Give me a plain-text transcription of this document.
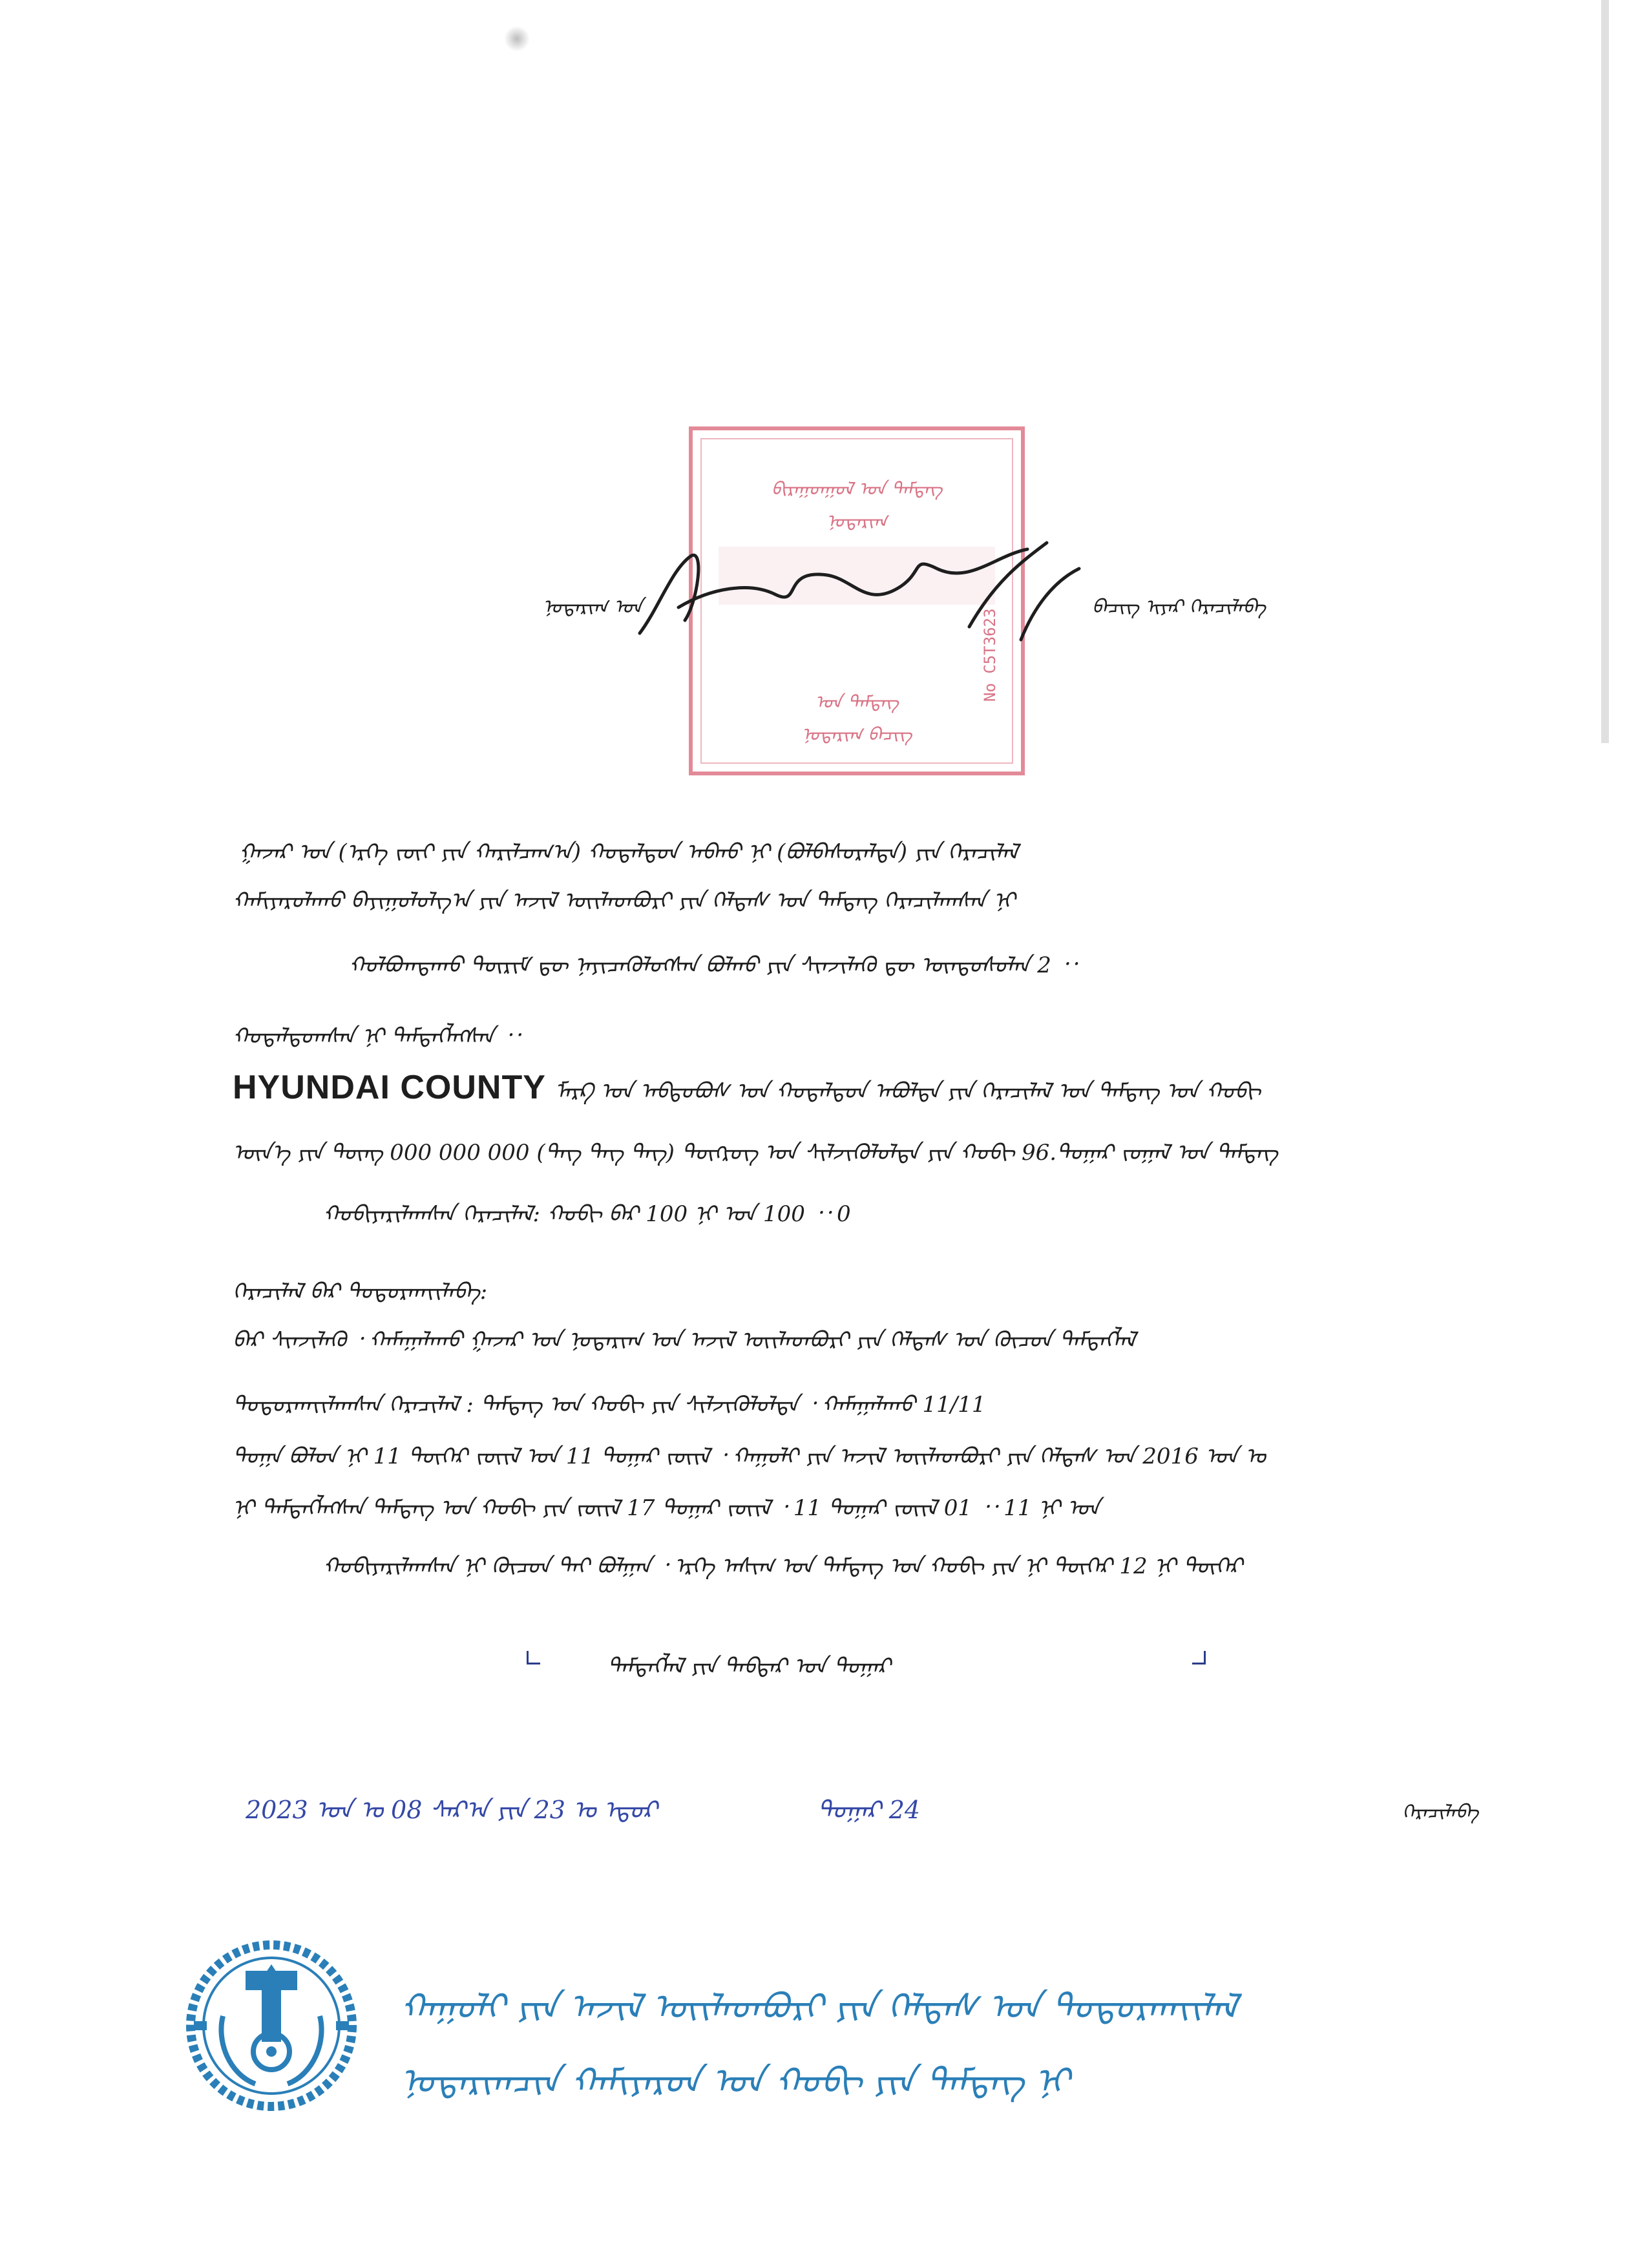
ᠪᠢᠷᠠᠭᠤᠨᠭᠤᠯ ᠤᠨ ᠲᠡᠮᠳᠡᠭ
ᠨᠣᠲᠠᠷᠢᠬ
ᠤᠨ ᠲᠡᠮᠳᠡᠭ
ᠨᠣᠲᠠᠷᠢᠬ ᠪᠡᠴᠢᠭ
No C5T3623
ᠨᠣᠲᠠᠷᠢᠬ ᠤᠨ	ᠪᠡᠴᠢᠭ ᠢᠶᠡᠷ ᠭᠡᠷᠡᠴᠢᠯᠡᠪᠡ
ᠭᠠᠵᠠᠷ ᠤᠨ (ᠡᠷᠬᠡ ᠵᠦᠢ ᠶᠢᠨ ᠬᠠᠷᠢᠯᠴᠠᠭ᠎ᠠ) ᠬᠤᠳᠠᠯᠳᠤᠨ ᠠᠪᠬᠤ ᠨᠢ (ᠪᠣᠯᠪᠠᠰᠤᠷᠠᠯᠲᠠ) ᠶᠢᠨ ᠭᠡᠷᠡᠴᠢᠯᠡᠯ
ᠬᠠᠮᠢᠶᠠᠷᠤᠯᠠᠬᠤ ᠪᠠᠶᠢᠭᠤᠯᠤᠯᠭ᠎ᠠ ᠶᠢᠨ ᠠᠵᠢᠯ ᠦᠢᠯᠡᠳᠪᠦᠷᠢ ᠶᠢᠨ ᠬᠡᠯᠲᠡᠰ ᠤᠨ ᠲᠡᠮᠳᠡᠭ ᠭᠡᠷᠡᠴᠢᠯᠡᠭ᠍ᠰᠡᠨ ᠨᠢ
ᠬᠤᠯᠪᠤᠭᠳᠠᠬᠤ ᠳᠦᠷᠢᠮ ᠳᠦ ᠨᠡᠶᠢᠴᠡᠭᠦᠯᠦᠭᠰᠡᠨ ᠪᠣᠯᠬᠤ ᠶᠢᠨ ᠰᠢᠨᠵᠢᠯᠡᠬᠦ ᠳᠦ ᠦᠨᠳᠦᠰᠦᠯᠡᠨ 2 ᠂᠂
ᠬᠤᠳᠠᠯᠳᠤᠭᠰᠠᠨ ᠨᠢ ᠲᠡᠮᠳᠡᠭᠯᠡᠭᠰᠡᠨ ᠂᠂
HYUNDAI COUNTY ᠮᠠᠷᠺ ᠤᠨ ᠠᠪᠲᠣᠪᠦᠰ ᠤᠨ ᠬᠤᠳᠠᠯᠳᠤᠨ ᠠᠪᠤᠯᠲᠠ ᠶᠢᠨ ᠭᠡᠷᠡᠴᠢᠯᠡᠯ ᠤᠨ ᠲᠡᠮᠳᠡᠭ ᠤᠨ ᠬᠤᠪᠢ
ᠦᠨ᠎ᠡ ᠶᠢᠨ ᠳᠦᠩ 000 000 000 (ᠲᠡᠭ ᠲᠡᠭ ᠲᠡᠭ) ᠲᠦᠭᠷᠦᠭ ᠤᠨ ᠰᠢᠯᠵᠢᠭᠦᠯᠦᠯᠲᠡ ᠶᠢᠨ ᠬᠤᠪᠢ 96.ᠳᠤᠭᠠᠷ ᠵᠤᠭᠠᠯ ᠤᠨ ᠲᠡᠮᠳᠡᠭ
ᠬᠤᠪᠢᠶᠠᠷᠢᠯᠠᠭᠰᠠᠨ ᠭᠡᠷᠡᠴᠢᠯᠡᠯ: ᠬᠤᠪᠢ ᠪᠠᠷ 100 ᠨᠢ ᠤᠨ 100 ᠂᠂ 0
ᠭᠡᠷᠡᠴᠢᠯᠡᠯ ᠪᠠᠷ ᠲᠣᠳᠤᠷᠬᠠᠶ᠋ᠢᠯᠠᠪᠠ:
ᠪᠠᠷ ᠰᠢᠨᠵᠢᠯᠡᠬᠦ ᠂ ᠬᠠᠮᠠᠭᠠᠯᠠᠬᠤ ᠭᠠᠵᠠᠷ ᠤᠨ ᠨᠣᠲᠠᠷᠢᠬ ᠤᠨ ᠠᠵᠢᠯ ᠦᠢᠯᠡᠳᠪᠦᠷᠢ ᠶᠢᠨ ᠬᠡᠯᠲᠡᠰ ᠤᠨ ᠬᠦᠴᠦᠨ ᠲᠡᠮᠳᠡᠭᠯᠡᠯ
ᠲᠣᠳᠤᠷᠬᠠᠶ᠋ᠢᠯᠠᠭᠰᠠᠨ ᠭᠡᠷᠡᠴᠢᠯᠡᠯ : ᠲᠡᠮᠳᠡᠭ ᠤᠨ ᠬᠤᠪᠢ ᠶᠢᠨ ᠰᠢᠯᠵᠢᠭᠦᠯᠦᠯᠲᠡ ᠂ ᠬᠠᠮᠠᠭᠠᠯᠠᠬᠤ 11/11
ᠲᠣᠭᠠ ᠪᠣᠯᠤᠨ ᠨᠢ 11 ᠳᠦᠭᠡᠷ ᠵᠦᠢᠯ ᠤᠨ 11 ᠳᠤᠭᠠᠷ ᠵᠦᠢᠯ ᠂ ᠬᠠᠭᠤᠯᠢ ᠶᠢᠨ ᠠᠵᠢᠯ ᠦᠢᠯᠡᠳᠪᠦᠷᠢ ᠶᠢᠨ ᠬᠡᠯᠲᠡᠰ ᠤᠨ 2016 ᠣᠨ ᠤ
ᠨᠢ ᠲᠡᠮᠳᠡᠭᠯᠡᠭᠰᠡᠨ ᠲᠡᠮᠳᠡᠭ ᠤᠨ ᠬᠤᠪᠢ ᠶᠢᠨ ᠵᠦᠢᠯ 17 ᠳᠤᠭᠠᠷ ᠵᠦᠢᠯ ᠂ 11 ᠳᠤᠭᠠᠷ ᠵᠦᠢᠯ 01 ᠂᠂ 11 ᠨᠢ ᠤᠨ
ᠬᠤᠪᠢᠶᠠᠷᠢᠯᠠᠭᠰᠠᠨ ᠨᠢ ᠬᠦᠴᠦᠨ ᠲᠡᠢ ᠪᠣᠯᠭᠠᠨ ᠂ ᠡᠷᠬᠡ ᠠᠰᠢᠭ ᠤᠨ ᠲᠡᠮᠳᠡᠭ ᠤᠨ ᠬᠤᠪᠢ ᠶᠢᠨ ᠨᠢ ᠳᠦᠭᠡᠷ 12 ᠨᠢ ᠳᠦᠭᠡᠷ
ᠲᠡᠮᠳᠡᠭᠯᠡᠯ ᠶᠢᠨ ᠳᠡᠪᠲᠡᠷ ᠤᠨ ᠳᠤᠭᠠᠷ
2023 ᠣᠨ ᠤ 08 ᠰᠠᠷ᠎ᠠ ᠶᠢᠨ 23 ᠤ ᠡᠳᠦᠷ	ᠳᠤᠭᠠᠷ 24	ᠭᠡᠷᠡᠴᠢᠯᠡᠪᠡ
ᠬᠠᠭᠤᠯᠢ ᠶᠢᠨ ᠠᠵᠢᠯ ᠦᠢᠯᠡᠳᠪᠦᠷᠢ ᠶᠢᠨ ᠬᠡᠯᠲᠡᠰ ᠤᠨ ᠲᠣᠳᠤᠷᠬᠠᠶ᠋ᠢᠯᠠᠯ
ᠨᠣᠲᠠᠷᠢᠬᠴᠢᠨ ᠬᠠᠮᠢᠶᠠᠷᠤᠨ ᠤᠨ ᠬᠤᠪᠢ ᠶᠢᠨ ᠲᠡᠮᠳᠡᠭ ᠨᠢ
